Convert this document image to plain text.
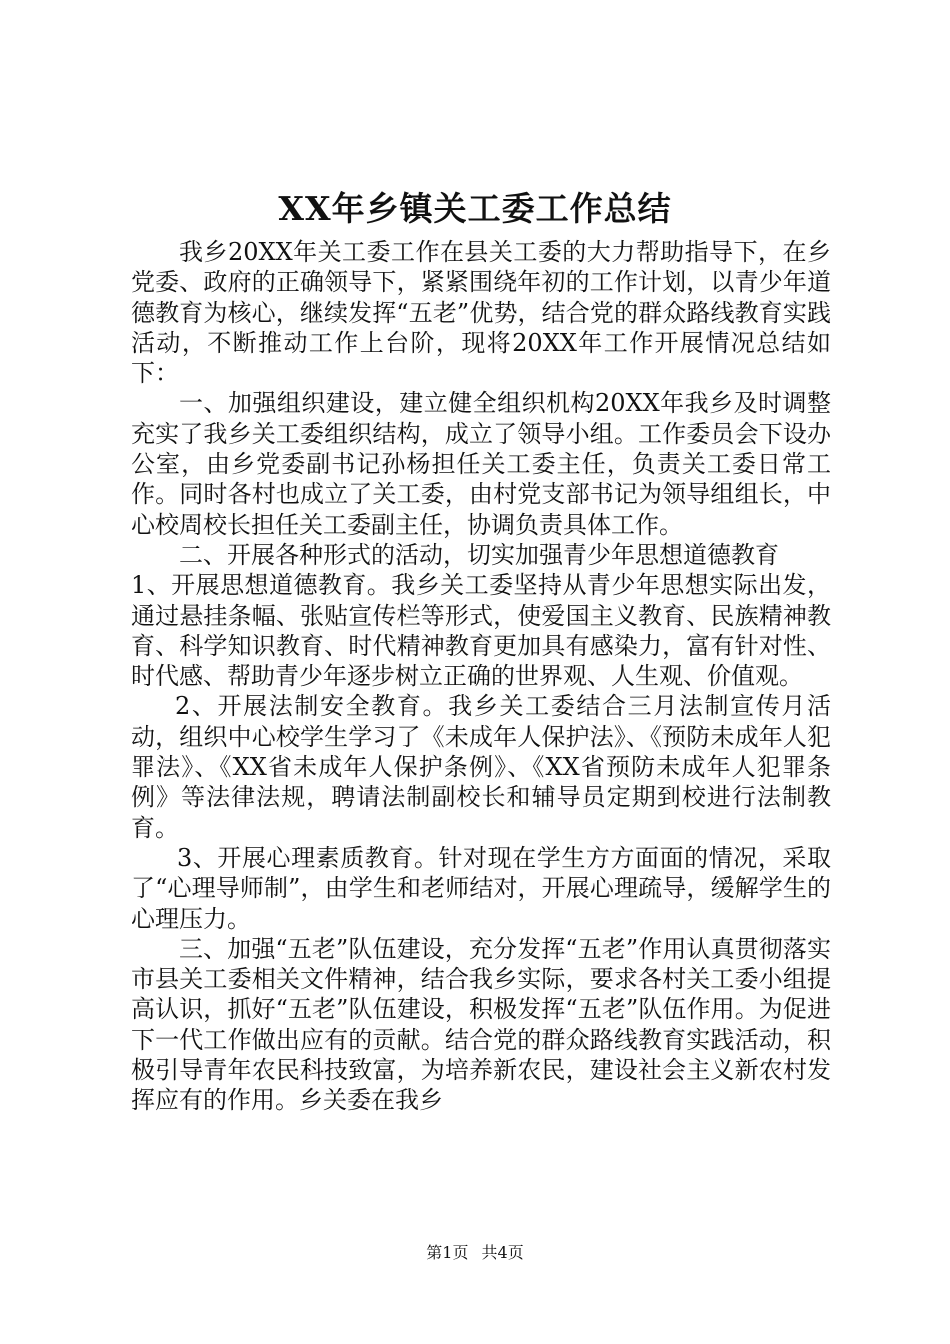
XX年乡镇关工委工作总结

我乡20XX年关工委工作在县关工委的大力帮助指导下，在乡党委、政府的正确领导下，紧紧围绕年初的工作计划，以青少年道德教育为核心，继续发挥“五老”优势，结合党的群众路线教育实践活动，不断推动工作上台阶，现将20XX年工作开展情况总结如下：

一、加强组织建设，建立健全组织机构20XX年我乡及时调整充实了我乡关工委组织结构，成立了领导小组。工作委员会下设办公室，由乡党委副书记孙杨担任关工委主任，负责关工委日常工作。同时各村也成立了关工委，由村党支部书记为领导组组长，中心校周校长担任关工委副主任，协调负责具体工作。

二、开展各种形式的活动，切实加强青少年思想道德教育

1、开展思想道德教育。我乡关工委坚持从青少年思想实际出发，通过悬挂条幅、张贴宣传栏等形式，使爱国主义教育、民族精神教育、科学知识教育、时代精神教育更加具有感染力，富有针对性、时代感、帮助青少年逐步树立正确的世界观、人生观、价值观。

2、开展法制安全教育。我乡关工委结合三月法制宣传月活动，组织中心校学生学习了《未成年人保护法》、《预防未成年人犯罪法》、《XX省未成年人保护条例》、《XX省预防未成年人犯罪条例》等法律法规，聘请法制副校长和辅导员定期到校进行法制教育。

3、开展心理素质教育。针对现在学生方方面面的情况，采取了“心理导师制”，由学生和老师结对，开展心理疏导，缓解学生的心理压力。

三、加强“五老”队伍建设，充分发挥“五老”作用认真贯彻落实市县关工委相关文件精神，结合我乡实际，要求各村关工委小组提高认识，抓好“五老”队伍建设，积极发挥“五老”队伍作用。为促进下一代工作做出应有的贡献。结合党的群众路线教育实践活动，积极引导青年农民科技致富，为培养新农民，建设社会主义新农村发挥应有的作用。乡关委在我乡

第1页 共4页
